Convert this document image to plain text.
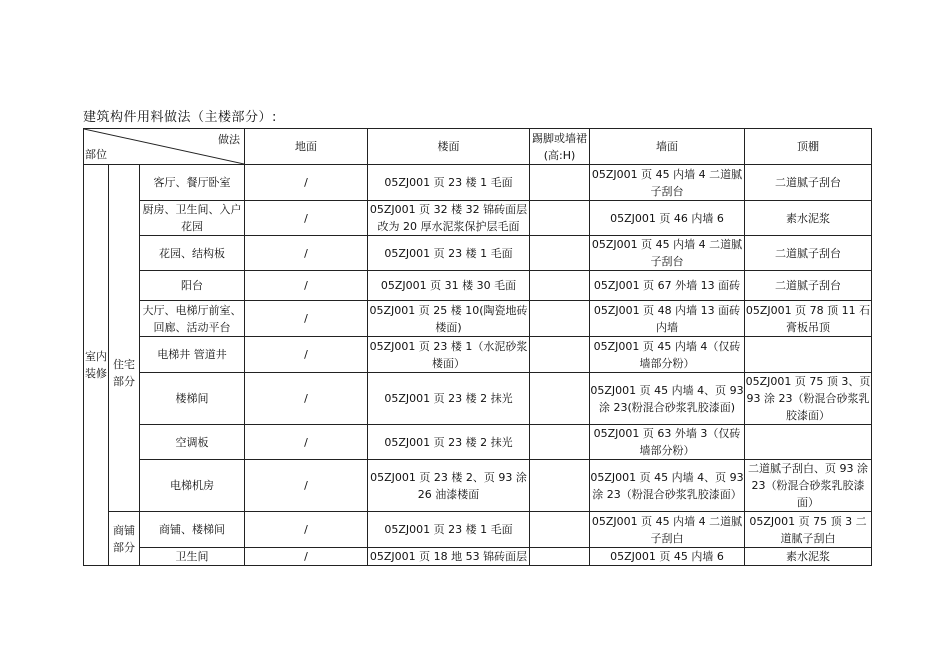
建筑构件用料做法（主楼部分）:
做法
部位			地面	楼面	踢脚或墙裙(高:H)	墙面	顶棚
室内装修		客厅、餐厅卧室	/	05ZJ001 页 23 楼 1 毛面		05ZJ001 页 45 内墙 4 二道腻子刮台	二道腻子刮台
		厨房、卫生间、入户花园	/	05ZJ001 页 32 楼 32 锦砖面层改为 20 厚水泥浆保护层毛面		05ZJ001 页 46 内墙 6	素水泥浆
	住宅部分	花园、结构板	/	05ZJ001 页 23 楼 1 毛面		05ZJ001 页 45 内墙 4 二道腻子刮台	二道腻子刮台
		阳台	/	05ZJ001 页 31 楼 30 毛面		05ZJ001 页 67 外墙 13 面砖	二道腻子刮台
		大厅、电梯厅前室、回廊、活动平台	/	05ZJ001 页 25 楼 10(陶瓷地砖楼面)		05ZJ001 页 48 内墙 13 面砖内墙	05ZJ001 页 78 顶 11 石膏板吊顶
		电梯井 管道井	/	05ZJ001 页 23 楼 1（水泥砂浆楼面）		05ZJ001 页 45 内墙 4（仅砖墙部分粉）	
		楼梯间	/	05ZJ001 页 23 楼 2 抹光		05ZJ001 页 45 内墙 4、页 93 涂 23(粉混合砂浆乳胶漆面)	05ZJ001 页 75 顶 3、页 93 涂 23（粉混合砂浆乳胶漆面）
		空调板	/	05ZJ001 页 23 楼 2 抹光		05ZJ001 页 63 外墙 3（仅砖墙部分粉）	
		电梯机房	/	05ZJ001 页 23 楼 2、页 93 涂 26 油漆楼面		05ZJ001 页 45 内墙 4、页 93 涂 23（粉混合砂浆乳胶漆面）	二道腻子刮白、页 93 涂 23（粉混合砂浆乳胶漆面）
	商铺部分	商铺、楼梯间	/	05ZJ001 页 23 楼 1 毛面		05ZJ001 页 45 内墙 4 二道腻子刮白	05ZJ001 页 75 顶 3 二道腻子刮白
		卫生间	/	05ZJ001 页 18 地 53 锦砖面层		05ZJ001 页 45 内墙 6	素水泥浆
